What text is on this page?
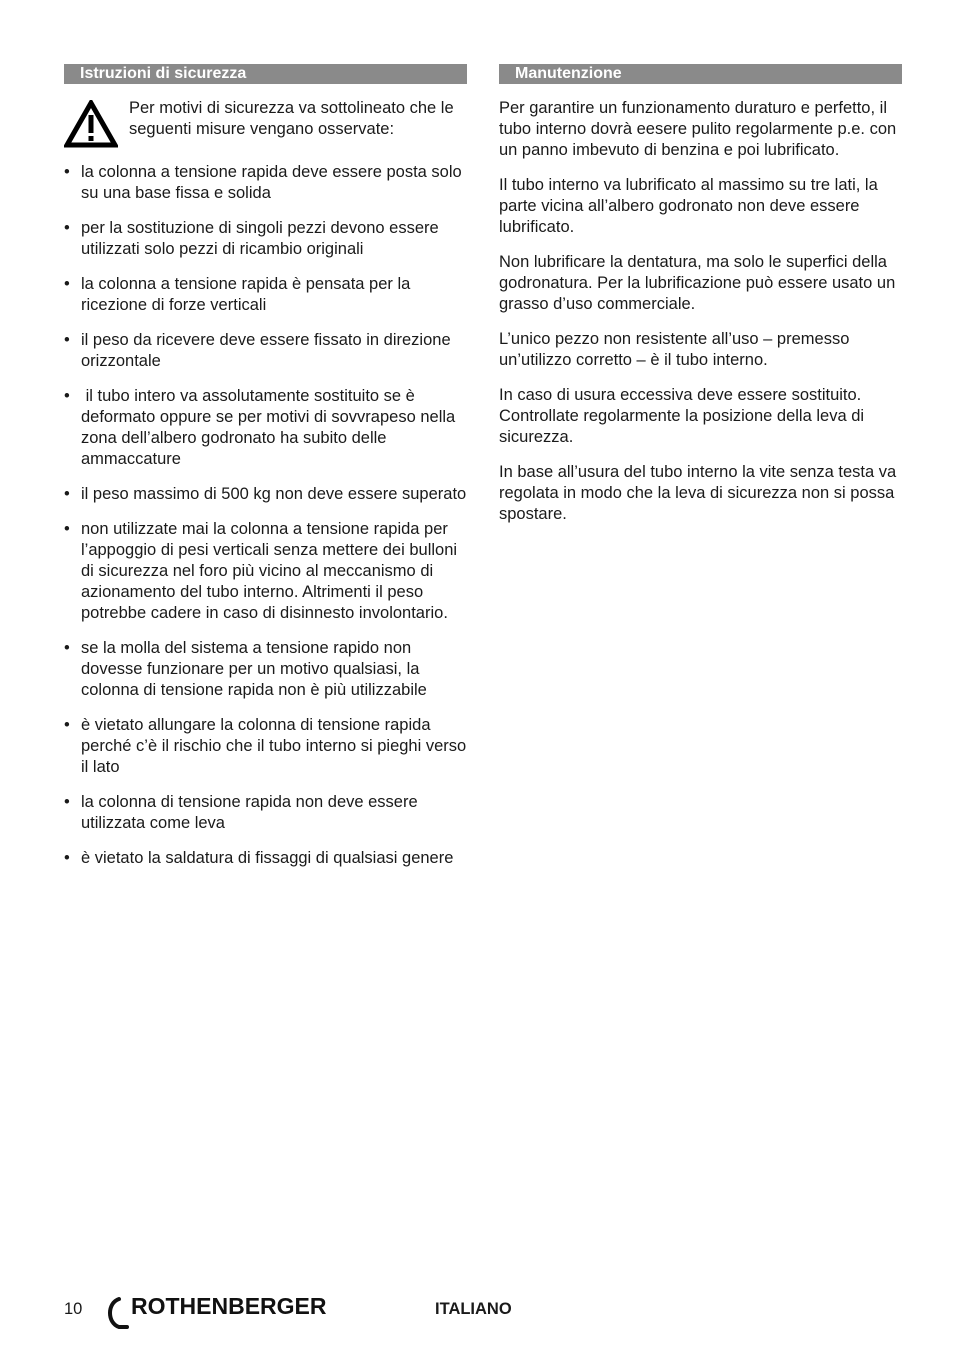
Istruzioni di sicurezza

Per motivi di sicurezza va sottolineato che le seguenti misure vengano osservate:

• la colonna a tensione rapida deve essere posta solo su una base fissa e solida
• per la sostituzione di singoli pezzi devono essere utilizzati solo pezzi di ricambio originali
• la colonna a tensione rapida è pensata per la ricezione di forze verticali
• il peso da ricevere deve essere fissato in direzione orizzontale
• il tubo intero va assolutamente sostituito se è deformato oppure se per motivi di sovvrapeso nella zona dell’albero godronato ha subito delle ammaccature
• il peso massimo di 500 kg non deve essere superato
• non utilizzate mai la colonna a tensione rapida per l’appoggio di pesi verticali senza mettere dei bulloni di sicurezza nel foro più vicino al meccanismo di azionamento del tubo interno. Altrimenti il peso potrebbe cadere in caso di disinnesto involontario.
• se la molla del sistema a tensione rapido non dovesse funzionare per un motivo qualsiasi, la colonna di tensione rapida non è più utilizzabile
• è vietato allungare la colonna di tensione rapida perché c’è il rischio che il tubo interno si pieghi verso il lato
• la colonna di tensione rapida non deve essere utilizzata come leva
• è vietato la saldatura di fissaggi di qualsiasi genere
Manutenzione

Per garantire un funzionamento duraturo e perfetto, il tubo interno dovrà eesere pulito regolarmente p.e. con un panno imbevuto di benzina e poi lubrificato.

Il tubo interno va lubrificato al massimo su tre lati, la parte vicina all’albero godronato non deve essere lubrificato.

Non lubrificare la dentatura, ma solo le superfici della godronatura. Per la lubrificazione può essere usato un grasso d’uso commerciale.

L’unico pezzo non resistente all’uso – premesso un’utilizzo corretto – è il tubo interno.

In caso di usura eccessiva deve essere sostituito. Controllate regolarmente la posizione della leva di sicurezza.

In base all’usura del tubo interno la vite senza testa va regolata in modo che la leva di sicurezza non si possa spostare.

10 ROTHENBERGER	ITALIANO
